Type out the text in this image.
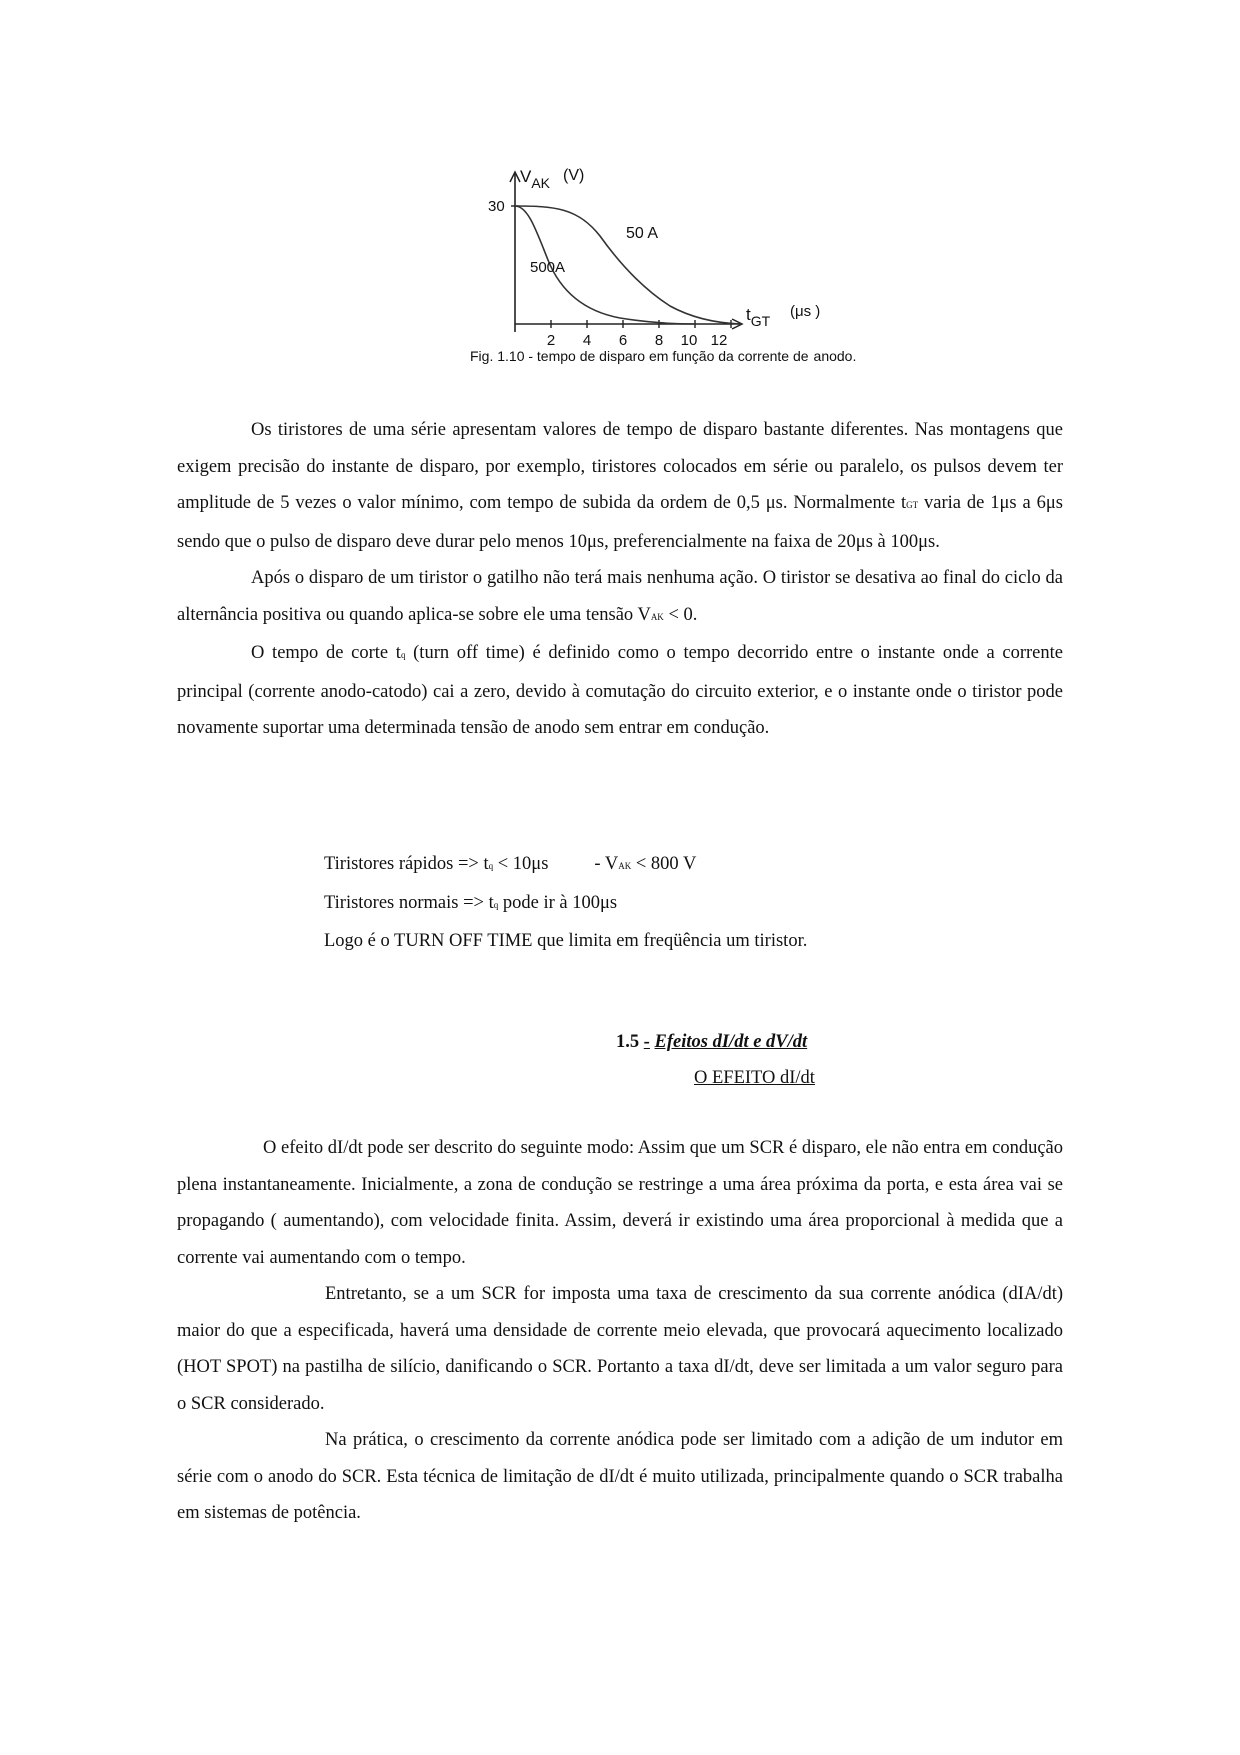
$V_{AK}$ (V)
30
$t_{GT}$
(μs )
2 4 6 8 10 12
50 A
500A
Fig. 1.10 - tempo de disparo em função da corrente de anodo.

Os tiristores de uma série apresentam valores de tempo de disparo bastante diferentes. Nas montagens que exigem precisão do instante de disparo, por exemplo, tiristores colocados em série ou paralelo, os pulsos devem ter amplitude de 5 vezes o valor mínimo, com tempo de subida da ordem de 0,5 μs. Normalmente tGT varia de 1μs a 6μs sendo que o pulso de disparo deve durar pelo menos 10μs, preferencialmente na faixa de 20μs à 100μs.

Após o disparo de um tiristor o gatilho não terá mais nenhuma ação. O tiristor se desativa ao final do ciclo da alternância positiva ou quando aplica-se sobre ele uma tensão VAK < 0.

O tempo de corte tq (turn off time) é definido como o tempo decorrido entre o instante onde a corrente principal (corrente anodo-catodo) cai a zero, devido à comutação do circuito exterior, e o instante onde o tiristor pode novamente suportar uma determinada tensão de anodo sem entrar em condução.

Tiristores rápidos => tq < 10μs - VAK < 800 V
Tiristores normais => tq pode ir à 100μs
Logo é o TURN OFF TIME que limita em freqüência um tiristor.
1.5 - Efeitos dI/dt e dV/dt
O EFEITO dI/dt

O efeito dI/dt pode ser descrito do seguinte modo: Assim que um SCR é disparo, ele não entra em condução plena instantaneamente. Inicialmente, a zona de condução se restringe a uma área próxima da porta, e esta área vai se propagando ( aumentando), com velocidade finita. Assim, deverá ir existindo uma área proporcional à medida que a corrente vai aumentando com o tempo.

Entretanto, se a um SCR for imposta uma taxa de crescimento da sua corrente anódica (dIA/dt) maior do que a especificada, haverá uma densidade de corrente meio elevada, que provocará aquecimento localizado (HOT SPOT) na pastilha de silício, danificando o SCR. Portanto a taxa dI/dt, deve ser limitada a um valor seguro para o SCR considerado.

Na prática, o crescimento da corrente anódica pode ser limitado com a adição de um indutor em série com o anodo do SCR. Esta técnica de limitação de dI/dt é muito utilizada, principalmente quando o SCR trabalha em sistemas de potência.
